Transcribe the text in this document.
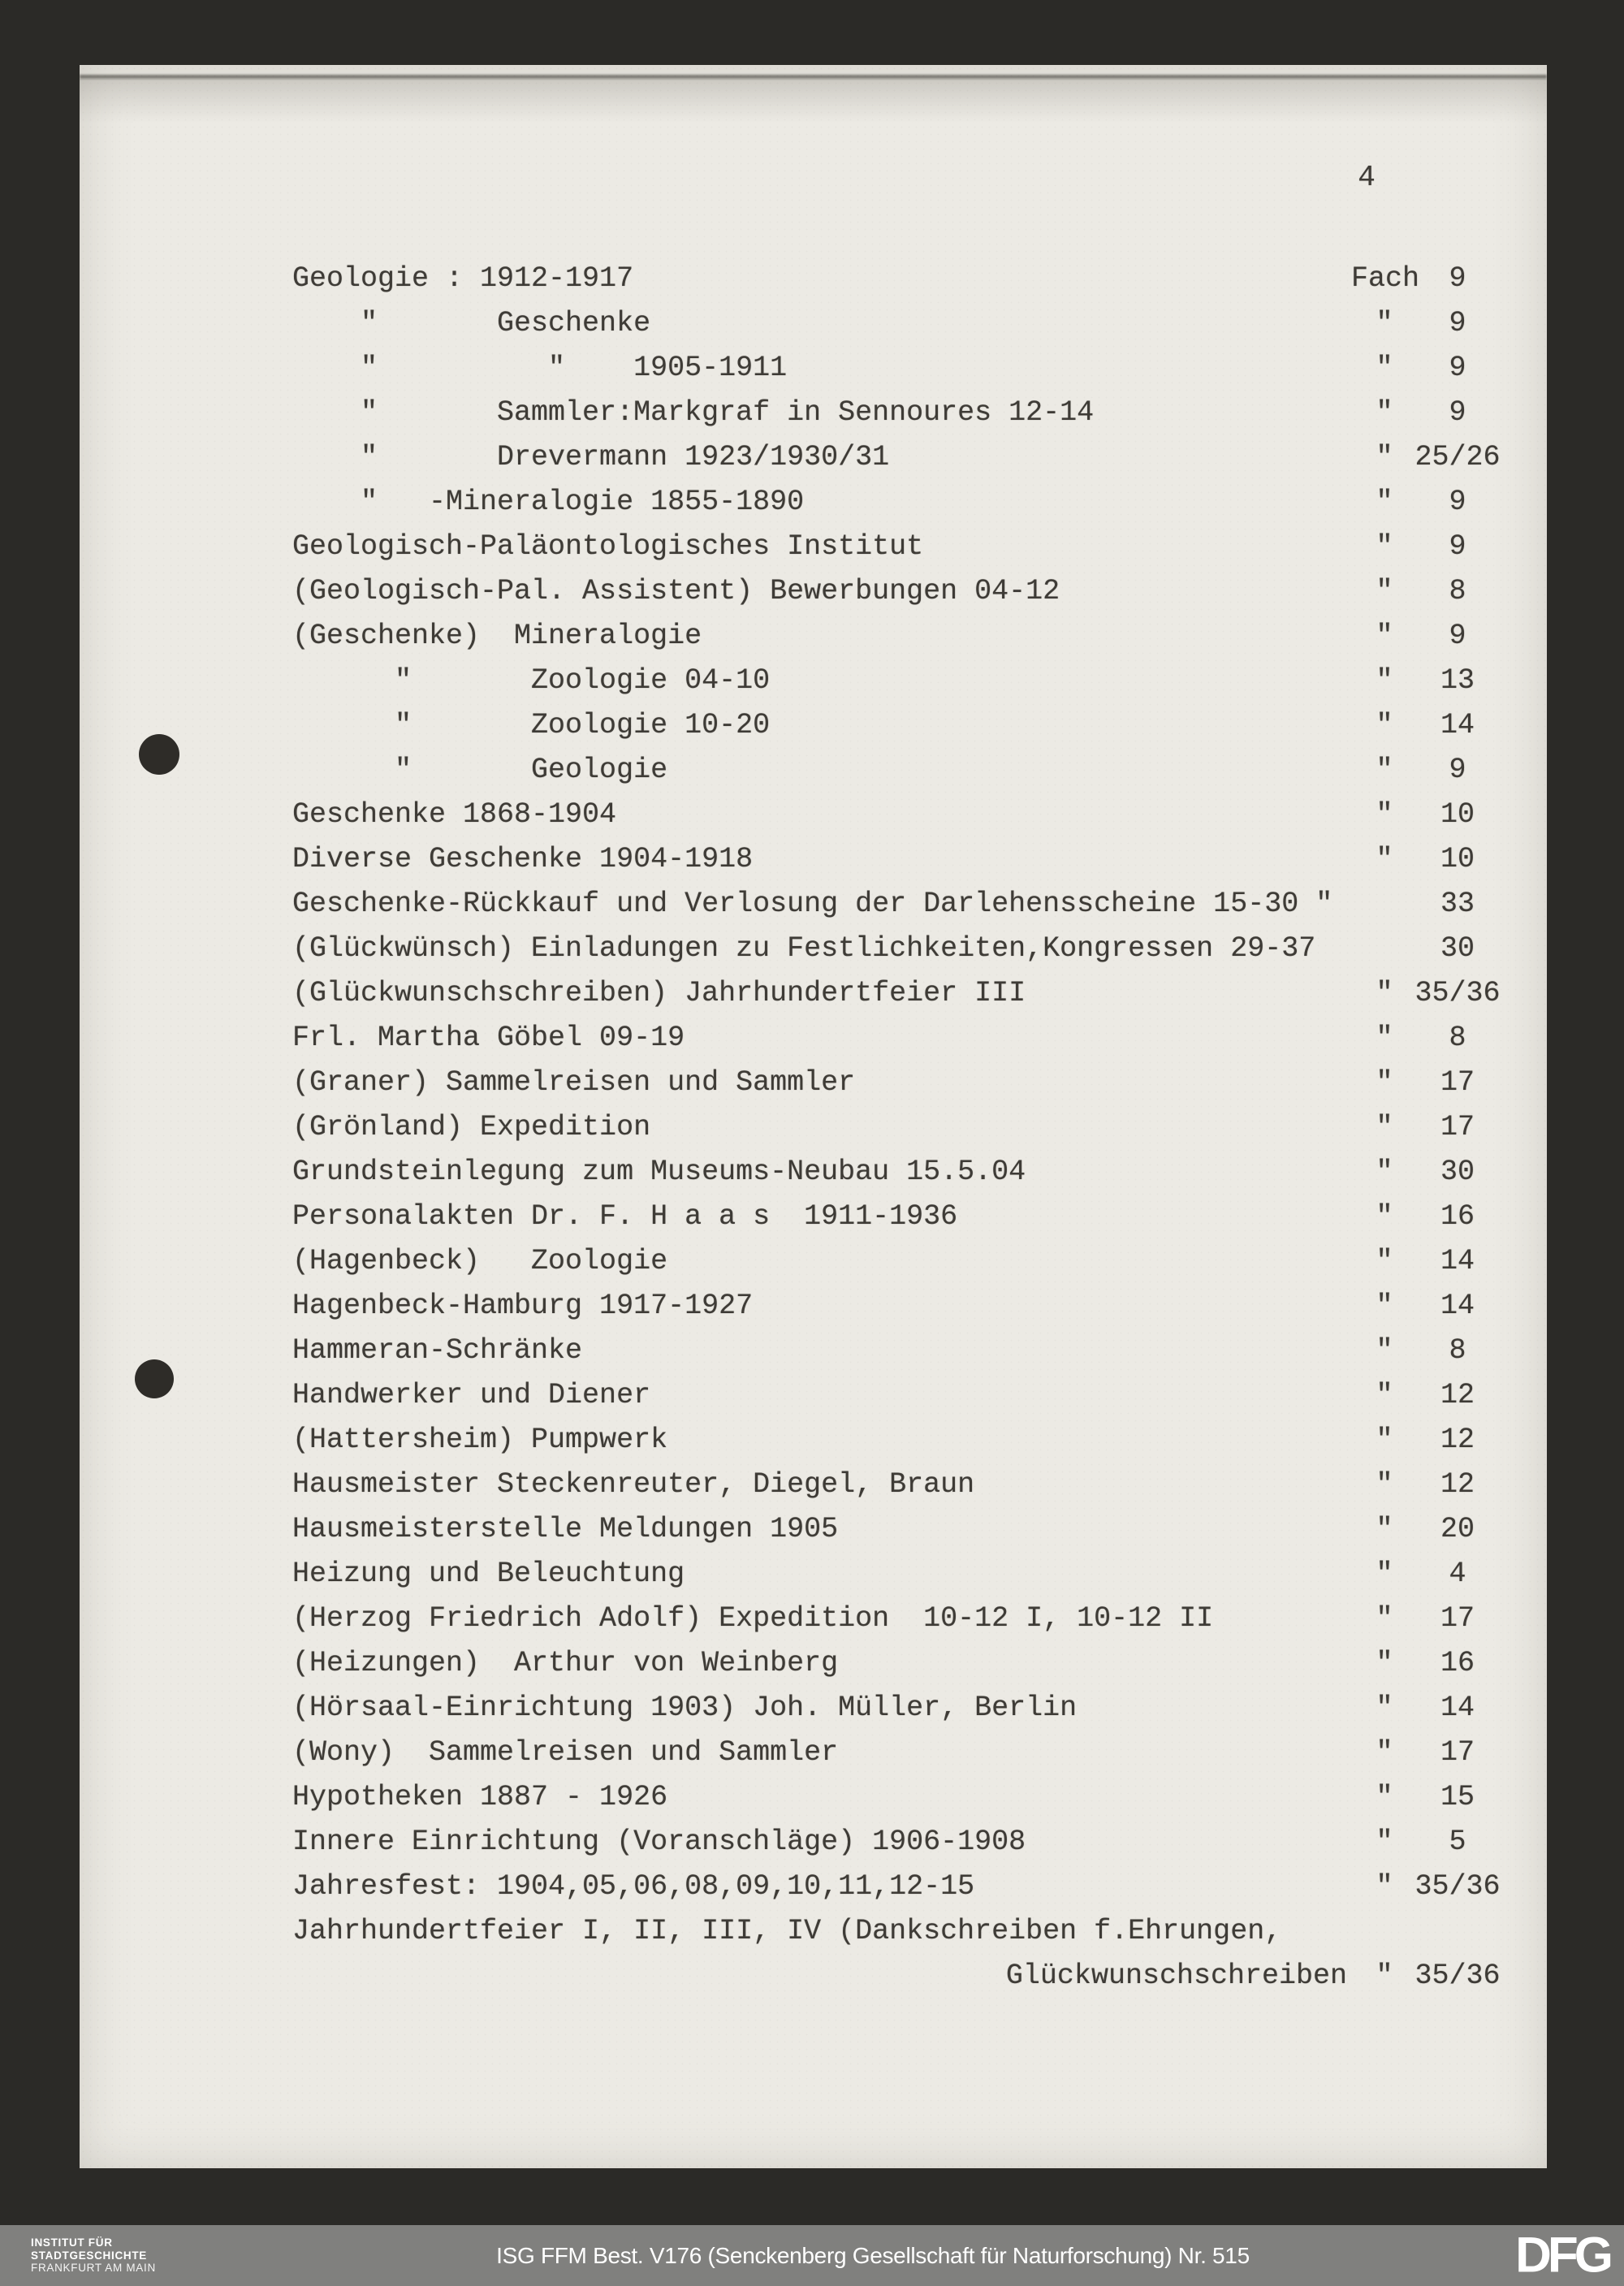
4
Geologie : 1912-1917	Fach	9
"       Geschenke	"	9
"          "    1905-1911	"	9
"       Sammler:Markgraf in Sennoures 12-14	"	9
"       Drevermann 1923/1930/31	" 25/26
"   -Mineralogie 1855-1890	"	9
Geologisch-Paläontologisches Institut	"	9
(Geologisch-Pal. Assistent) Bewerbungen 04-12	"	8
(Geschenke)  Mineralogie	"	9
"       Zoologie 04-10	"	13
"       Zoologie 10-20	"	14
"       Geologie	"	9
Geschenke 1868-1904	"	10
Diverse Geschenke 1904-1918	"	10
Geschenke-Rückkauf und Verlosung der Darlehensscheine 15-30 "	33
(Glückwünsch) Einladungen zu Festlichkeiten,Kongressen 29-37	30
(Glückwunschschreiben) Jahrhundertfeier III	" 35/36
Frl. Martha Göbel 09-19	"	8
(Graner) Sammelreisen und Sammler	"	17
(Grönland) Expedition	"	17
Grundsteinlegung zum Museums-Neubau 15.5.04	"	30
Personalakten Dr. F. H a a s  1911-1936	"	16
(Hagenbeck)   Zoologie	"	14
Hagenbeck-Hamburg 1917-1927	"	14
Hammeran-Schränke	"	8
Handwerker und Diener	"	12
(Hattersheim) Pumpwerk	"	12
Hausmeister Steckenreuter, Diegel, Braun	"	12
Hausmeisterstelle Meldungen 1905	"	20
Heizung und Beleuchtung	"	4
(Herzog Friedrich Adolf) Expedition  10-12 I, 10-12 II	"	17
(Heizungen)  Arthur von Weinberg	"	16
(Hörsaal-Einrichtung 1903) Joh. Müller, Berlin	"	14
(Wony)  Sammelreisen und Sammler	"	17
Hypotheken 1887 - 1926	"	15
Innere Einrichtung (Voranschläge) 1906-1908	"	5
Jahresfest: 1904,05,06,08,09,10,11,12-15	" 35/36
Jahrhundertfeier I, II, III, IV (Dankschreiben f.Ehrungen,
Glückwunschschreiben " 35/36
INSTITUT FÜR
STADTGESCHICHTE
FRANKFURT AM MAIN
ISG FFM Best. V176 (Senckenberg Gesellschaft für Naturforschung) Nr. 515	DFG
